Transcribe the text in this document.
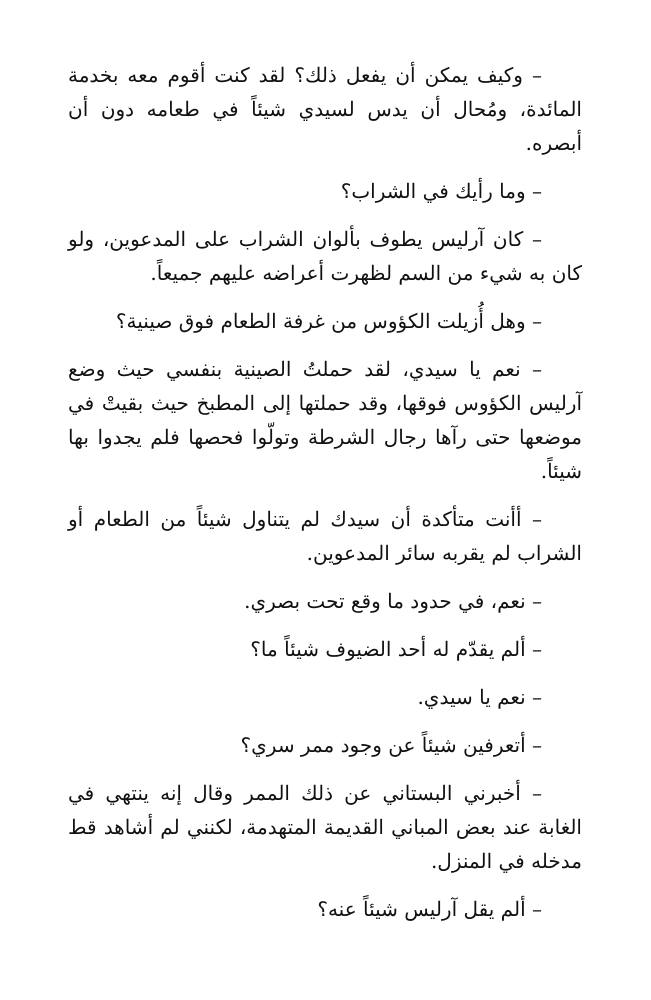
– وكيف يمكن أن يفعل ذلك؟ لقد كنت أقوم معه بخدمة المائدة، ومُحال أن يدس لسيدي شيئاً في طعامه دون أن أبصره.

– وما رأيك في الشراب؟

– كان آرليس يطوف بألوان الشراب على المدعوين، ولو كان به شيء من السم لظهرت أعراضه عليهم جميعاً.

– وهل أُزيلت الكؤوس من غرفة الطعام فوق صينية؟

– نعم يا سيدي، لقد حملتُ الصينية بنفسي حيث وضع آرليس الكؤوس فوقها، وقد حملتها إلى المطبخ حيث بقيتْ في موضعها حتى رآها رجال الشرطة وتولّوا فحصها فلم يجدوا بها شيئاً.

– أأنت متأكدة أن سيدك لم يتناول شيئاً من الطعام أو الشراب لم يقربه سائر المدعوين.

– نعم، في حدود ما وقع تحت بصري.

– ألم يقدّم له أحد الضيوف شيئاً ما؟

– نعم يا سيدي.

– أتعرفين شيئاً عن وجود ممر سري؟

– أخبرني البستاني عن ذلك الممر وقال إنه ينتهي في الغابة عند بعض المباني القديمة المتهدمة، لكنني لم أشاهد قط مدخله في المنزل.

– ألم يقل آرليس شيئاً عنه؟
